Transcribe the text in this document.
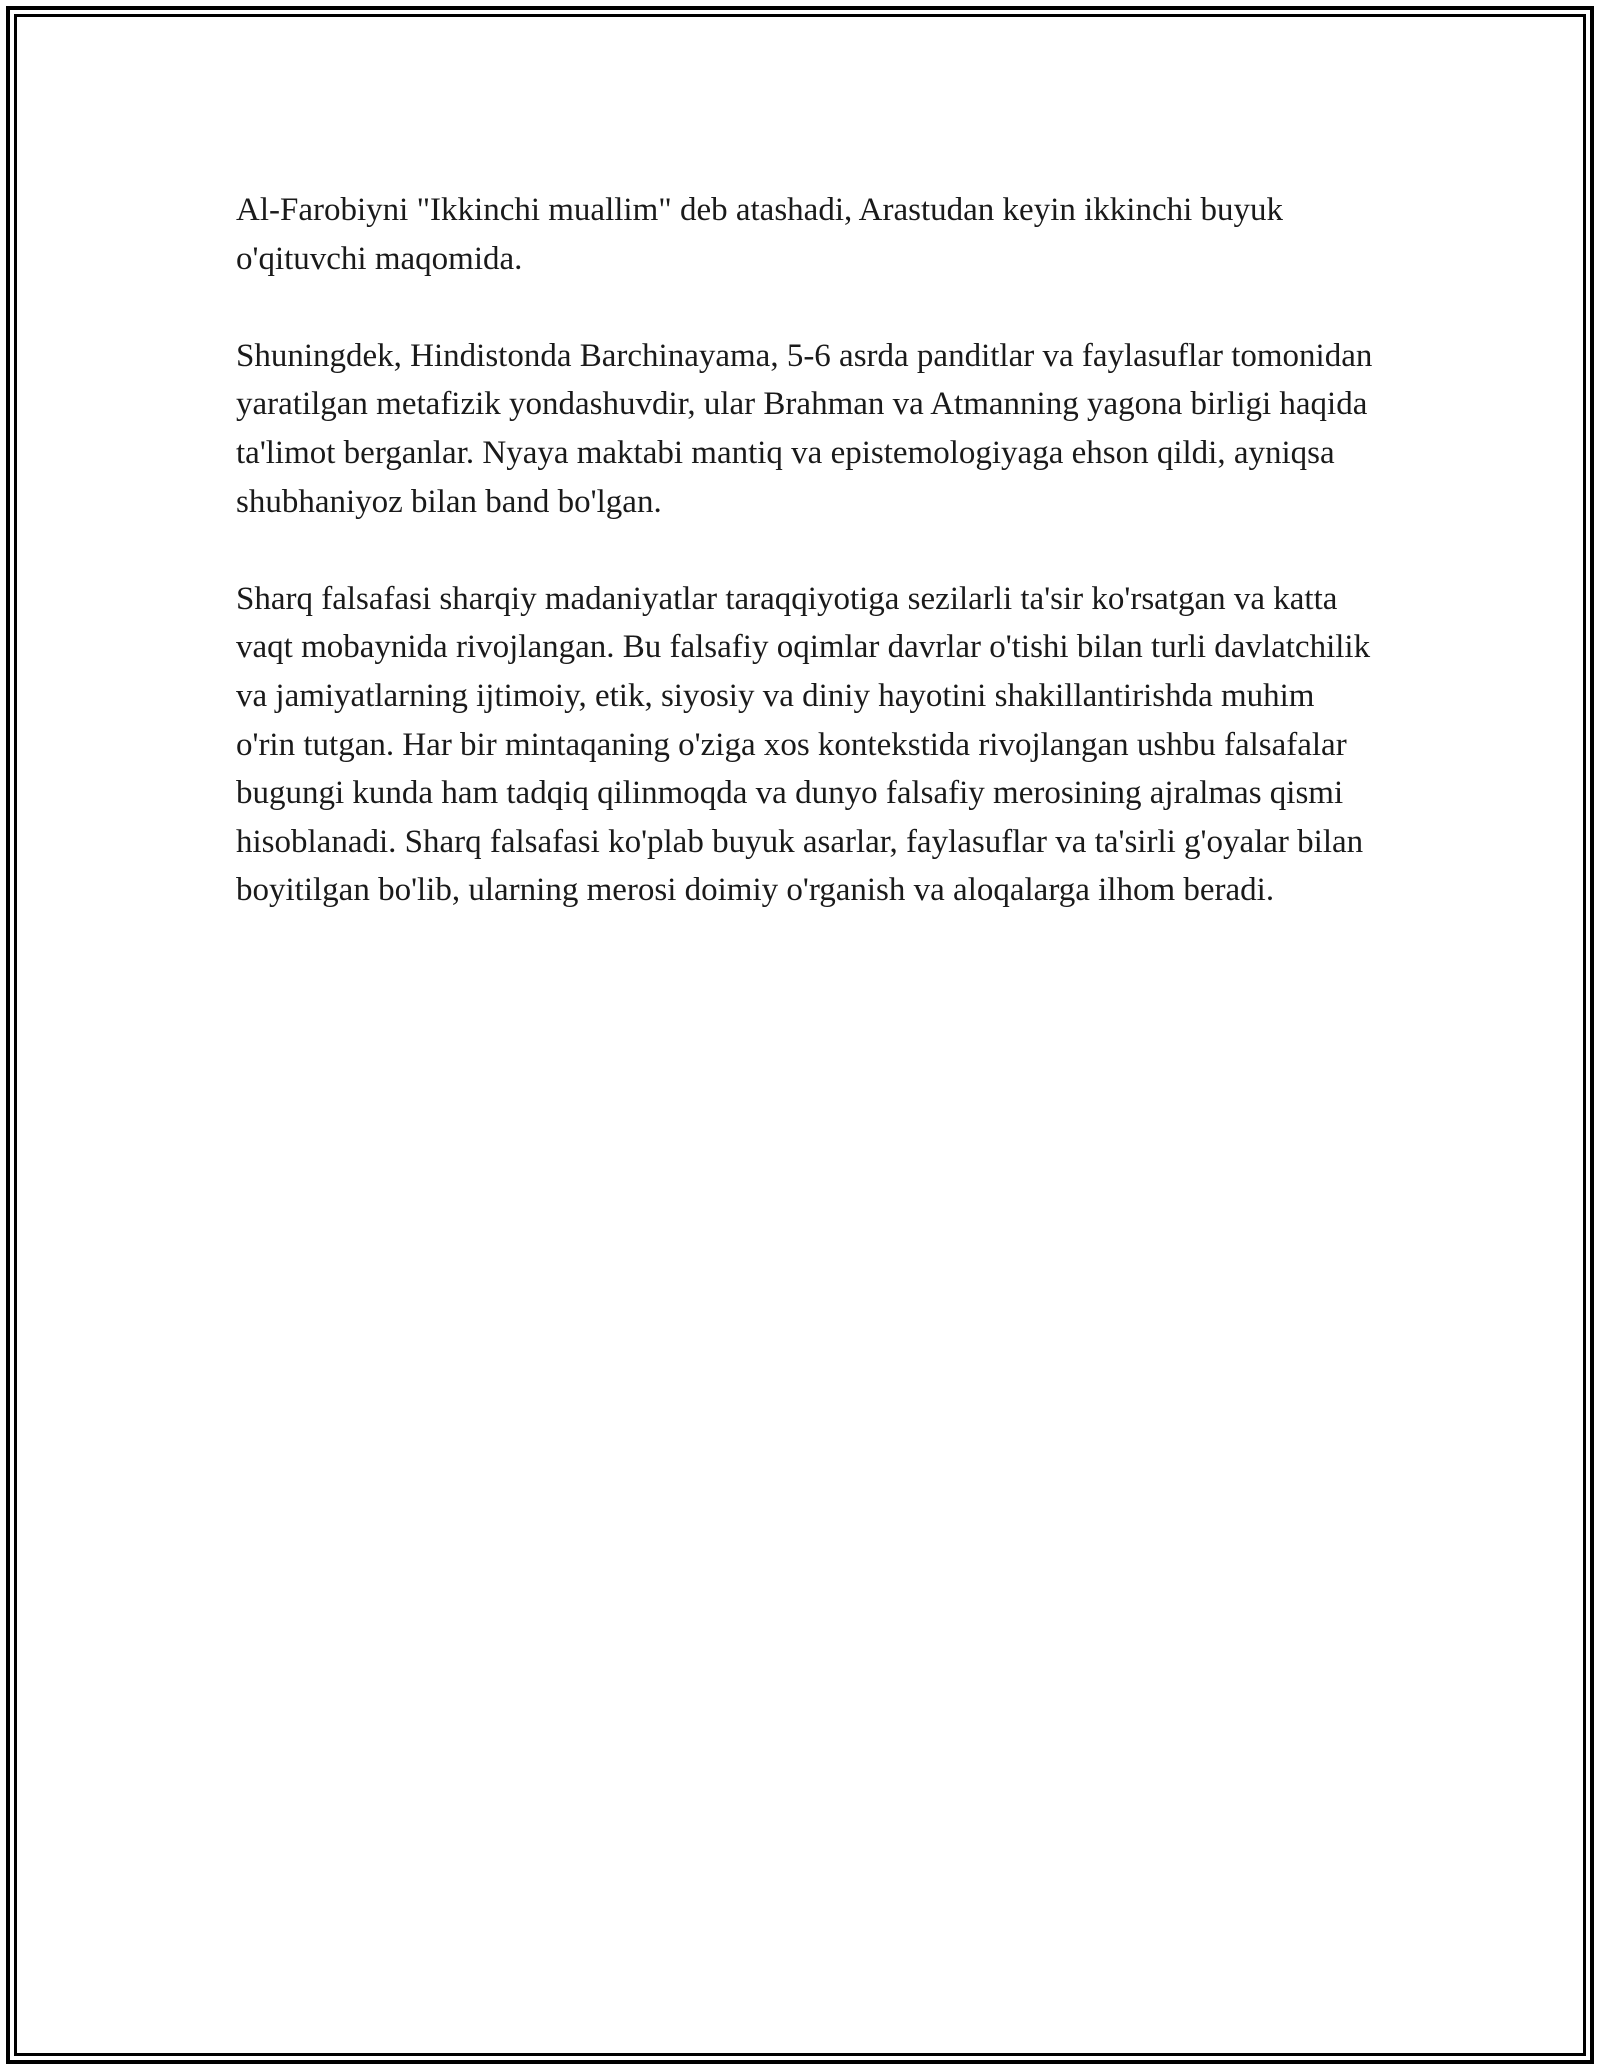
Al-Farobiyni "Ikkinchi muallim" deb atashadi, Arastudan keyin ikkinchi buyuk o'qituvchi maqomida.

Shuningdek, Hindistonda Barchinayama, 5-6 asrda panditlar va faylasuflar tomonidan yaratilgan metafizik yondashuvdir, ular Brahman va Atmanning yagona birligi haqida ta'limot berganlar. Nyaya maktabi mantiq va epistemologiyaga ehson qildi, ayniqsa shubhaniyoz bilan band bo'lgan.

Sharq falsafasi sharqiy madaniyatlar taraqqiyotiga sezilarli ta'sir ko'rsatgan va katta vaqt mobaynida rivojlangan. Bu falsafiy oqimlar davrlar o'tishi bilan turli davlatchilik va jamiyatlarning ijtimoiy, etik, siyosiy va diniy hayotini shakillantirishda muhim o'rin tutgan. Har bir mintaqaning o'ziga xos kontekstida rivojlangan ushbu falsafalar bugungi kunda ham tadqiq qilinmoqda va dunyo falsafiy merosining ajralmas qismi hisoblanadi. Sharq falsafasi ko'plab buyuk asarlar, faylasuflar va ta'sirli g'oyalar bilan boyitilgan bo'lib, ularning merosi doimiy o'rganish va aloqalarga ilhom beradi.
